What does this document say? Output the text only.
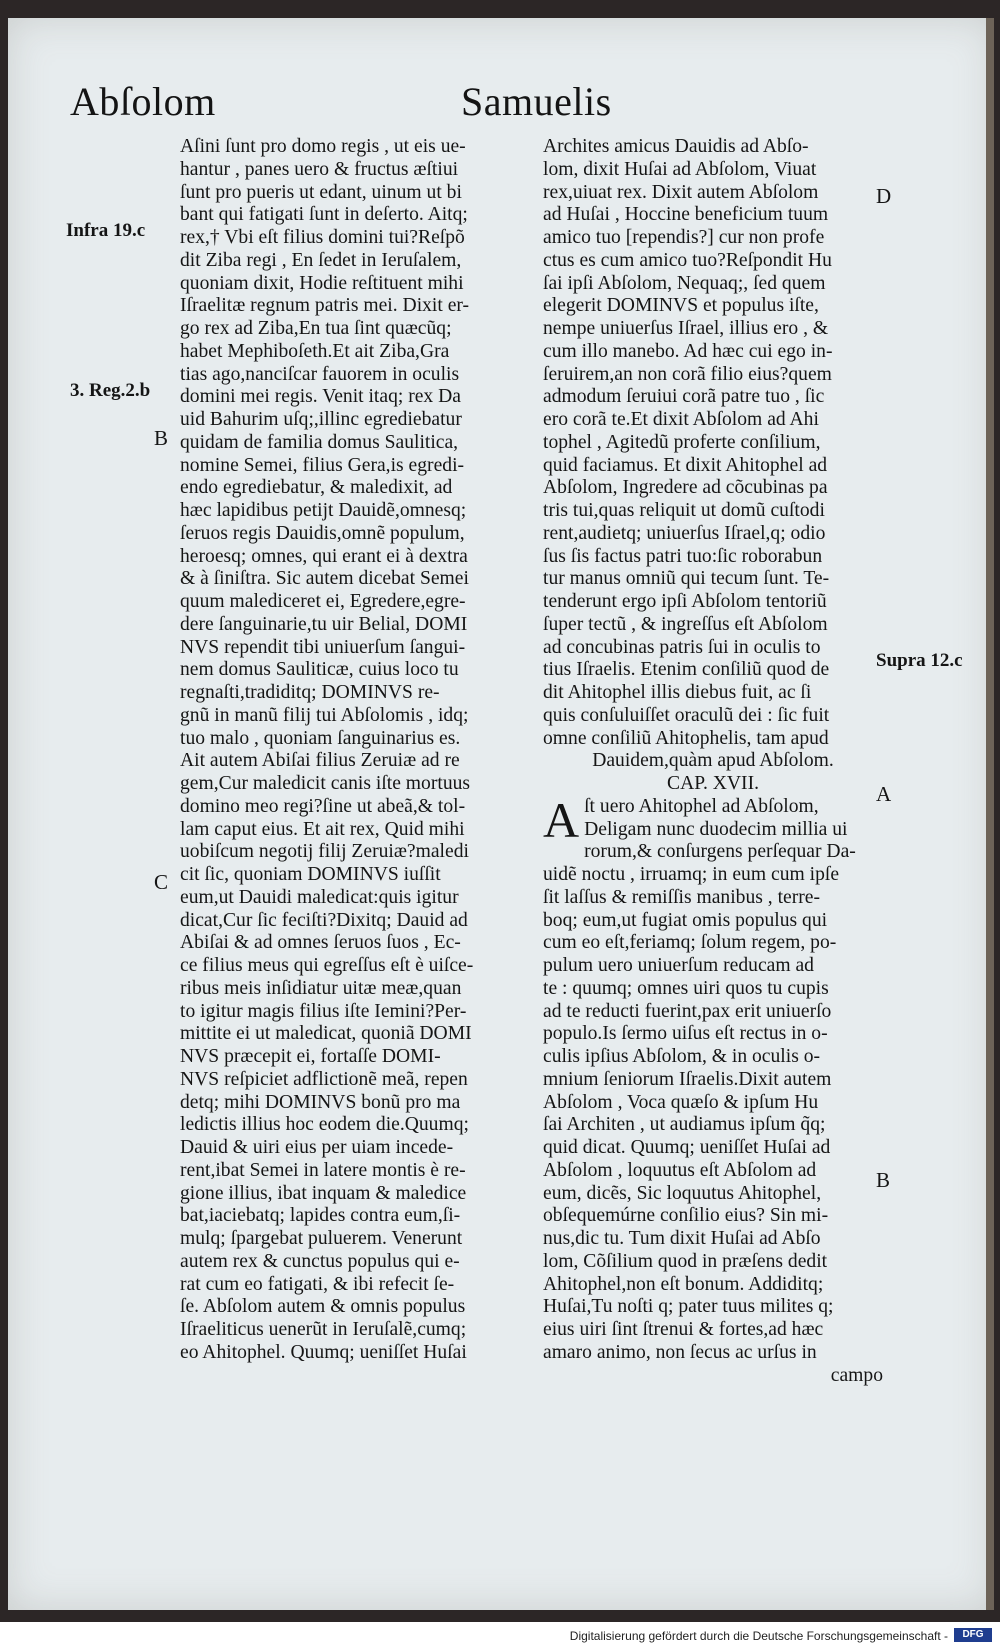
Abſolom	Samuelis
Aſini ſunt pro domo regis , ut eis ue-
hantur , panes uero & fructus æſtiui
ſunt pro pueris ut edant, uinum ut bi
bant qui fatigati ſunt in deſerto. Aitq;
rex,† Vbi eſt filius domini tui?Reſpõ
dit Ziba regi , En ſedet in Ieruſalem,
quoniam dixit, Hodie reſtituent mihi
Iſraelitæ regnum patris mei. Dixit er-
go rex ad Ziba,En tua ſint quæcũq;
habet Mephiboſeth.Et ait Ziba,Gra
tias ago,nanciſcar fauorem in oculis
domini mei regis. Venit itaq; rex Da
uid Bahurim uſq;,illinc egrediebatur
quidam de familia domus Saulitica,
nomine Semei, filius Gera,is egredi-
endo egrediebatur, & maledixit, ad
hæc lapidibus petijt Dauidẽ,omnesq;
ſeruos regis Dauidis,omnẽ populum,
heroesq; omnes, qui erant ei à dextra
& à ſiniſtra. Sic autem dicebat Semei
quum malediceret ei, Egredere,egre-
dere ſanguinarie,tu uir Belial, DOMI
NVS rependit tibi uniuerſum ſangui-
nem domus Sauliticæ, cuius loco tu
regnaſti,tradiditq; DOMINVS re-
gnũ in manũ filij tui Abſolomis , idq;
tuo malo , quoniam ſanguinarius es.
Ait autem Abiſai filius Zeruiæ ad re
gem,Cur maledicit canis iſte mortuus
domino meo regi?ſine ut abeã,& tol-
lam caput eius. Et ait rex, Quid mihi
uobiſcum negotij filij Zeruiæ?maledi
cit ſic, quoniam DOMINVS iuſſit
eum,ut Dauidi maledicat:quis igitur
dicat,Cur ſic feciſti?Dixitq; Dauid ad
Abiſai & ad omnes ſeruos ſuos , Ec-
ce filius meus qui egreſſus eſt è uiſce-
ribus meis inſidiatur uitæ meæ,quan
to igitur magis filius iſte Iemini?Per-
mittite ei ut maledicat, quoniã DOMI
NVS præcepit ei, fortaſſe DOMI-
NVS reſpiciet adflictionẽ meã, repen
detq; mihi DOMINVS bonũ pro ma
ledictis illius hoc eodem die.Quumq;
Dauid & uiri eius per uiam incede-
rent,ibat Semei in latere montis è re-
gione illius, ibat inquam & maledice
bat,iaciebatq; lapides contra eum,ſi-
mulq; ſpargebat puluerem. Venerunt
autem rex & cunctus populus qui e-
rat cum eo fatigati, & ibi refecit ſe-
ſe. Abſolom autem & omnis populus
Iſraeliticus uenerũt in Ieruſalẽ,cumq;
eo Ahitophel. Quumq; ueniſſet Huſai
Archites amicus Dauidis ad Abſo-
lom, dixit Huſai ad Abſolom, Viuat
rex,uiuat rex. Dixit autem Abſolom
ad Huſai , Hoccine beneficium tuum
amico tuo [rependis?] cur non profe
ctus es cum amico tuo?Reſpondit Hu
ſai ipſi Abſolom, Nequaq;, ſed quem
elegerit DOMINVS et populus iſte,
nempe uniuerſus Iſrael, illius ero , &
cum illo manebo. Ad hæc cui ego in-
ſeruirem,an non corã filio eius?quem
admodum ſeruiui corã patre tuo , ſic
ero corã te.Et dixit Abſolom ad Ahi
tophel , Agitedũ proferte conſilium,
quid faciamus. Et dixit Ahitophel ad
Abſolom, Ingredere ad cõcubinas pa
tris tui,quas reliquit ut domũ cuſtodi
rent,audietq; uniuerſus Iſrael,q; odio
ſus ſis factus patri tuo:ſic roborabun
tur manus omniũ qui tecum ſunt. Te-
tenderunt ergo ipſi Abſolom tentoriũ
ſuper tectũ , & ingreſſus eſt Abſolom
ad concubinas patris ſui in oculis to
tius Iſraelis. Etenim conſiliũ quod de
dit Ahitophel illis diebus fuit, ac ſi
quis conſuluiſſet oraculũ dei : ſic fuit
omne conſiliũ Ahitophelis, tam apud
Dauidem,quàm apud Abſolom.
CAP. XVII.
A ſt uero Ahitophel ad Abſolom,
Deligam nunc duodecim millia ui
rorum,& conſurgens perſequar Da-
uidẽ noctu , irruamq; in eum cum ipſe
ſit laſſus & remiſſis manibus , terre-
boq; eum,ut fugiat omis populus qui
cum eo eſt,feriamq; ſolum regem, po-
pulum uero uniuerſum reducam ad
te : quumq; omnes uiri quos tu cupis
ad te reducti fuerint,pax erit uniuerſo
populo.Is ſermo uiſus eſt rectus in o-
culis ipſius Abſolom, & in oculis o-
mnium ſeniorum Iſraelis.Dixit autem
Abſolom , Voca quæſo & ipſum Hu
ſai Architen , ut audiamus ipſum q̃q;
quid dicat. Quumq; ueniſſet Huſai ad
Abſolom , loquutus eſt Abſolom ad
eum, dicẽs, Sic loquutus Ahitophel,
obſequemúrne conſilio eius? Sin mi-
nus,dic tu. Tum dixit Huſai ad Abſo
lom, Cõſilium quod in præſens dedit
Ahitophel,non eſt bonum. Addiditq;
Huſai,Tu noſti q; pater tuus milites q;
eius uiri ſint ſtrenui & fortes,ad hæc
amaro animo, non ſecus ac urſus in
campo
Infra 19.c
3. Reg.2.b
B
C
D
Supra 12.c
A
B
Digitalisierung gefördert durch die Deutsche Forschungsgemeinschaft -	DFG
